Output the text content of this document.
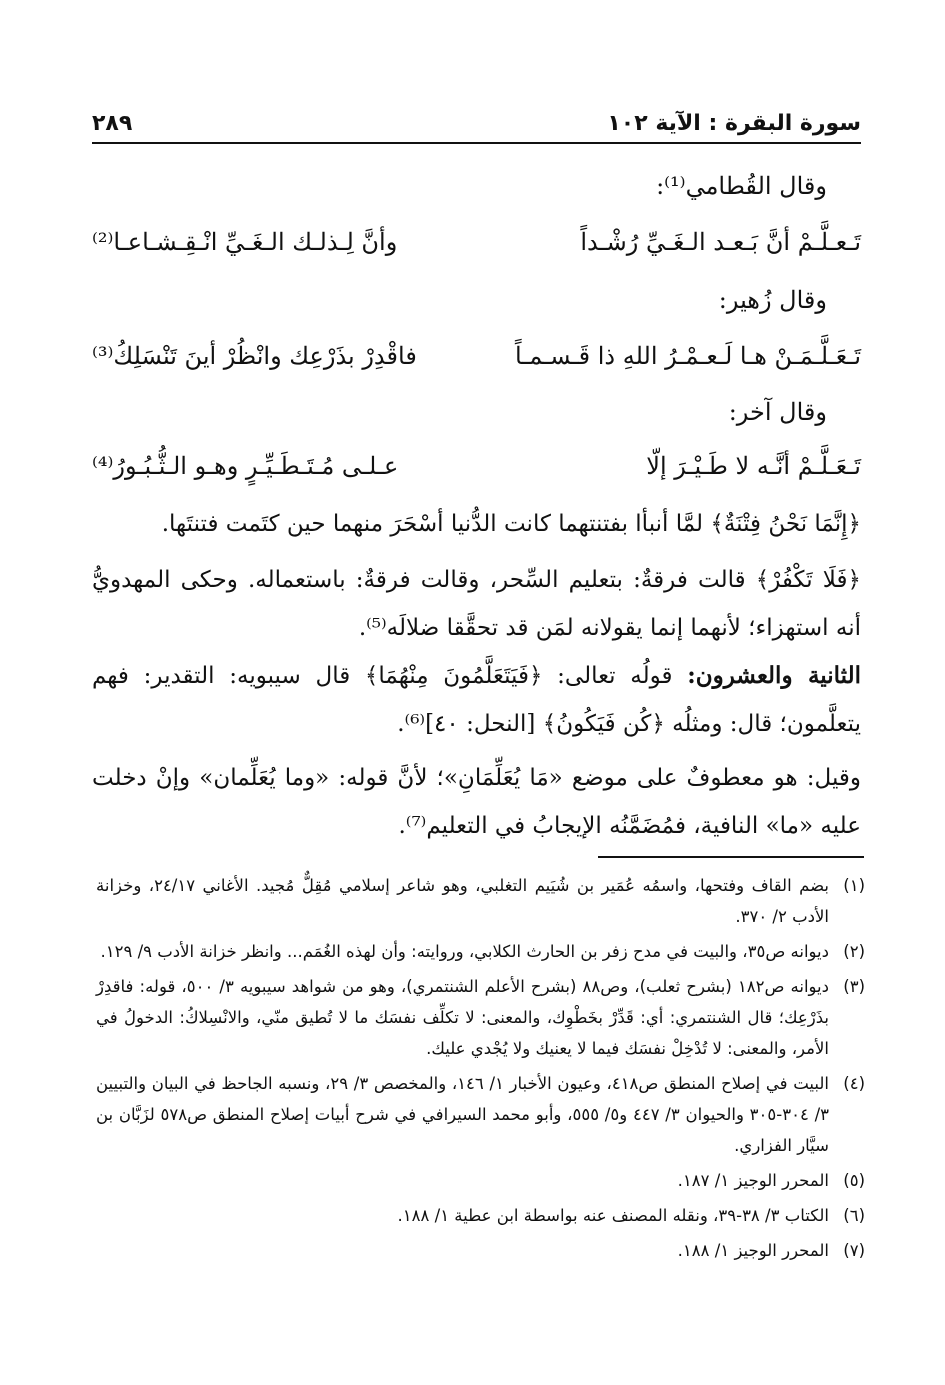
سورة البقرة : الآية ١٠٢
٢٨٩
وقال القُطامي⁽¹⁾:
تَـعـلَّـمْ أنَّ بَـعـد الـغَـيِّ رُشْـداً
وأنَّ لِـذلـك الـغَـيِّ انْـقِـشـاعـا⁽²⁾
وقال زُهير:
تَـعَـلَّـمَـنْ هـا لَـعـمْـرُ اللهِ ذا قَـسـمـاً
فاقْدِرْ بذَرْعِك وانْظُرْ أينَ تَنْسَلِكُ⁽³⁾
وقال آخر:
تَـعَـلَّـمْ أنَّـه لا طَـيْـرَ إلّا
عـلـى مُـتَـطَـيِّـرٍ وهـو الـثُّـبُـورُ⁽⁴⁾
﴿إِنَّمَا نَحْنُ فِتْنَةٌ﴾ لمَّا أنبأا بفتنتهما كانت الدُّنيا أسْحَرَ منهما حين كتَمت فتنتَها.
﴿فَلَا تَكْفُرْ﴾ قالت فرقةٌ: بتعليم السِّحر، وقالت فرقةٌ: باستعماله. وحكى المهدويُّ أنه استهزاء؛ لأنهما إنما يقولانه لمَن قد تحقَّقا ضلالَه⁽⁵⁾.
الثانية والعشرون: قولُه تعالى: ﴿فَيَتَعَلَّمُونَ مِنْهُمَا﴾ قال سيبويه: التقدير: فهم يتعلَّمون؛ قال: ومثلُه ﴿كُن فَيَكُونُ﴾ [النحل: ٤٠]⁽⁶⁾.
وقيل: هو معطوفٌ على موضع «مَا يُعَلِّمَانِ»؛ لأنَّ قوله: «وما يُعَلِّمان» وإنْ دخلت عليه «ما» النافية، فمُضَمَّنُه الإيجابُ في التعليم⁽⁷⁾.
(١)
بضم القاف وفتحها، واسمُه عُمَير بن شُيَيم التغلبي، وهو شاعر إسلامي مُقِلٌّ مُجيد. الأغاني ٢٤/١٧، وخزانة الأدب ٢/ ٣٧٠.
(٢)
ديوانه ص٣٥، والبيت في مدح زفر بن الحارث الكلابي، وروايته: وأن لهذه الغُمَم... وانظر خزانة الأدب ٩/ ١٢٩.
(٣)
ديوانه ص١٨٢ (بشرح ثعلب)، وص٨٨ (بشرح الأعلم الشنتمري)، وهو من شواهد سيبويه ٣/ ٥٠٠، قوله: فاقدِرْ بذَرْعِك؛ قال الشنتمري: أي: قَدِّرْ بخَطْوِك، والمعنى: لا تكلِّف نفسَك ما لا تُطيق منّي، والانْسِلاكُ: الدخولُ في الأمر، والمعنى: لا تُدْخِلْ نفسَك فيما لا يعنيك ولا يُجْدي عليك.
(٤)
البيت في إصلاح المنطق ص٤١٨، وعيون الأخبار ١/ ١٤٦، والمخصص ٣/ ٢٩، ونسبه الجاحظ في البيان والتبيين ٣/ ٣٠٤-٣٠٥ والحيوان ٣/ ٤٤٧ و٥/ ٥٥٥، وأبو محمد السيرافي في شرح أبيات إصلاح المنطق ص٥٧٨ لزَبَّان بن سيَّار الفزاري.
(٥)
المحرر الوجيز ١/ ١٨٧.
(٦)
الكتاب ٣/ ٣٨-٣٩، ونقله المصنف عنه بواسطة ابن عطية ١/ ١٨٨.
(٧)
المحرر الوجيز ١/ ١٨٨.
